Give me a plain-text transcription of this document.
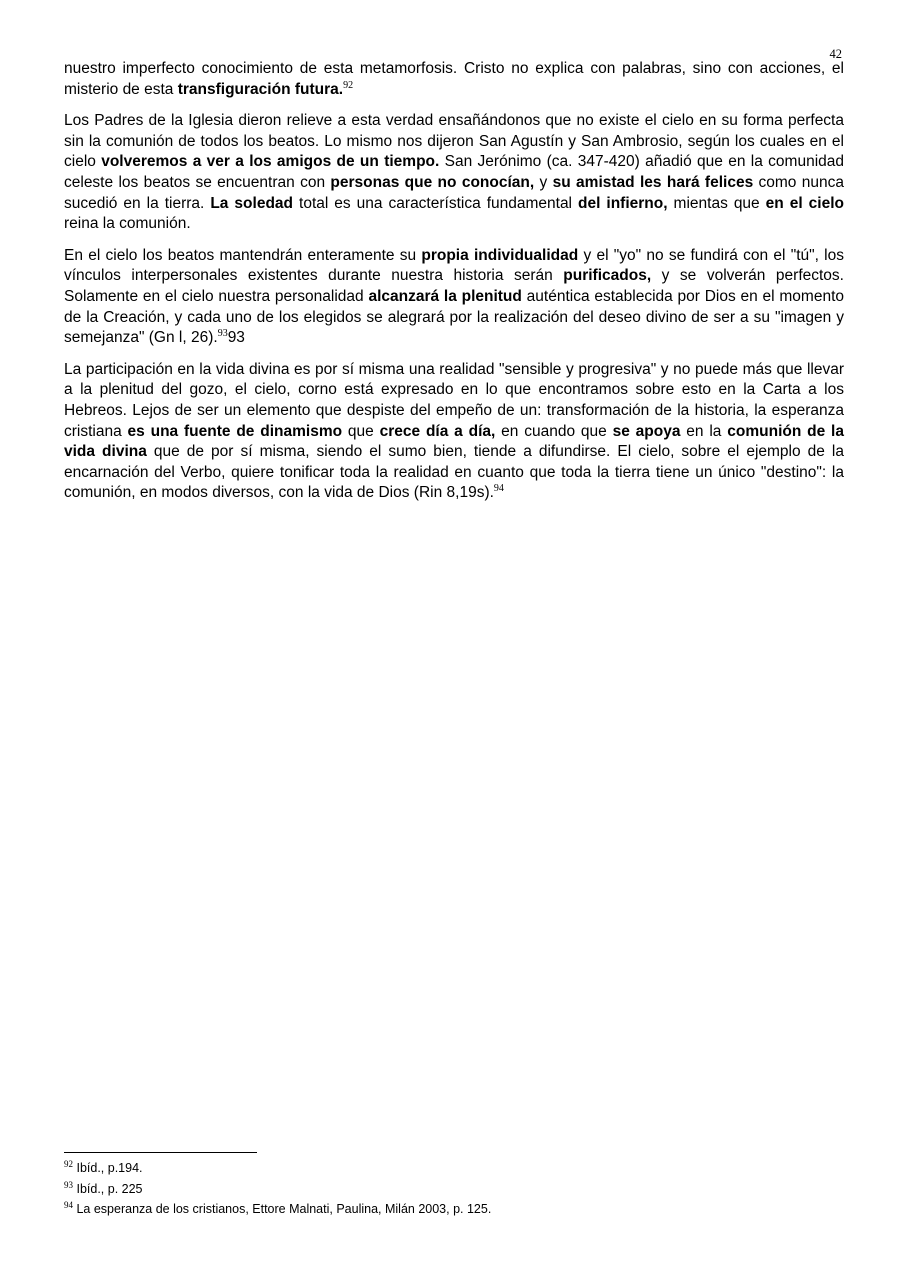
42

nuestro imperfecto conocimiento de esta metamorfosis. Cristo no explica con palabras, sino con acciones, el misterio de esta transfiguración futura.$^{92}$

Los Padres de la Iglesia dieron relieve a esta verdad ensañándonos que no existe el cielo en su forma perfecta sin la comunión de todos los beatos. Lo mismo nos dijeron San Agustín y San Ambrosio, según los cuales en el cielo volveremos a ver a los amigos de un tiempo. San Jerónimo (ca. 347-420) añadió que en la comunidad celeste los beatos se encuentran con personas que no conocían, y su amistad les hará felices como nunca sucedió en la tierra. La soledad total es una característica fundamental del infierno, mientas que en el cielo reina la comunión.

En el cielo los beatos mantendrán enteramente su propia individualidad y el "yo" no se fundirá con el "tú", los vínculos interpersonales existentes durante nuestra historia serán purificados, y se volverán perfectos. Solamente en el cielo nuestra personalidad alcanzará la plenitud auténtica establecida por Dios en el momento de la Creación, y cada uno de los elegidos se alegrará por la realización del deseo divino de ser a su "imagen y semejanza" (Gn l, 26).$^{93}$93

La participación en la vida divina es por sí misma una realidad "sensible y progresiva" y no puede más que llevar a la plenitud del gozo, el cielo, corno está expresado en lo que encontramos sobre esto en la Carta a los Hebreos. Lejos de ser un elemento que despiste del empeño de un: transformación de la historia, la esperanza cristiana es una fuente de dinamismo que crece día a día, en cuando que se apoya en la comunión de la vida divina que de por sí misma, siendo el sumo bien, tiende a difundirse. El cielo, sobre el ejemplo de la encarnación del Verbo, quiere tonificar toda la realidad en cuanto que toda la tierra tiene un único "destino": la comunión, en modos diversos, con la vida de Dios (Rin 8,19s).$^{94}$

$^{92}$ Ibíd., p.194.
$^{93}$ Ibíd., p. 225
$^{94}$ La esperanza de los cristianos, Ettore Malnati, Paulina, Milán 2003, p. 125.
